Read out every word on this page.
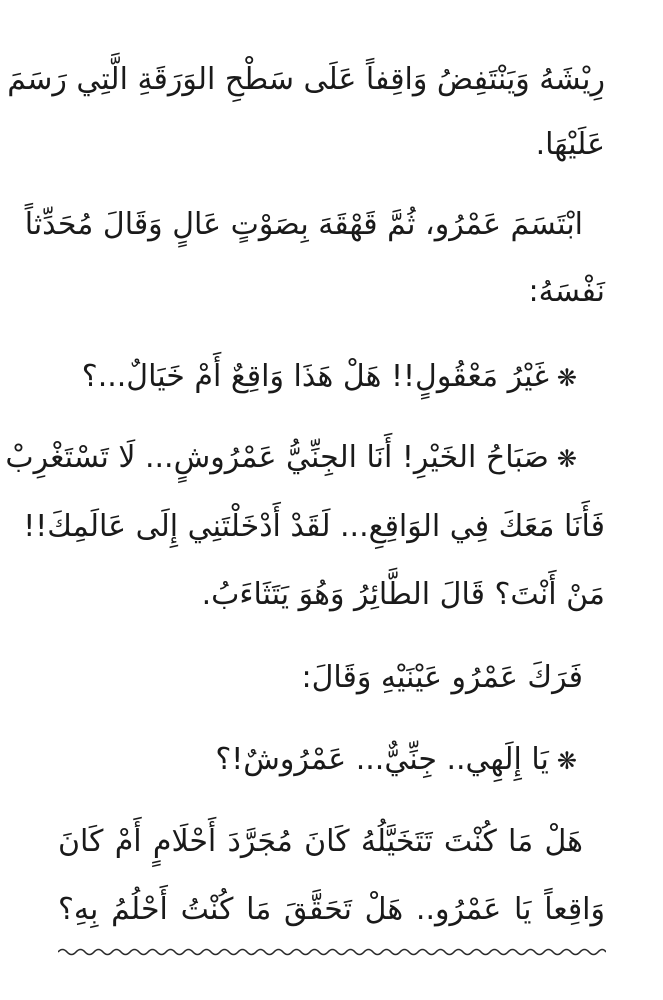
رِيْشَهُ وَيَنْتَفِضُ وَاقِفاً عَلَى سَطْحِ الوَرَقَةِ الَّتِي رَسَمَ
عَلَيْهَا.
ابْتَسَمَ عَمْرُو، ثُمَّ قَهْقَهَ بِصَوْتٍ عَالٍ وَقَالَ مُحَدِّثاً
نَفْسَهُ:
❋غَيْرُ مَعْقُولٍ!! هَلْ هَذَا وَاقِعٌ أَمْ خَيَالٌ...؟
❋صَبَاحُ الخَيْرِ! أَنَا الجِنِّيُّ عَمْرُوشٍ... لَا تَسْتَغْرِبْ
فَأَنَا مَعَكَ فِي الوَاقِعِ... لَقَدْ أَدْخَلْتَنِي إِلَى عَالَمِكَ!!
مَنْ أَنْتَ؟ قَالَ الطَّائِرُ وَهُوَ يَتَثَاءَبُ.
فَرَكَ عَمْرُو عَيْنَيْهِ وَقَالَ:
❋يَا إِلَهِي.. جِنِّيٌّ... عَمْرُوشٌ!؟
هَلْ مَا كُنْتَ تَتَخَيَّلُهُ كَانَ مُجَرَّدَ أَحْلَامٍ أَمْ كَانَ
وَاقِعاً يَا عَمْرُو.. هَلْ تَحَقَّقَ مَا كُنْتُ أَحْلُمُ بِهِ؟
